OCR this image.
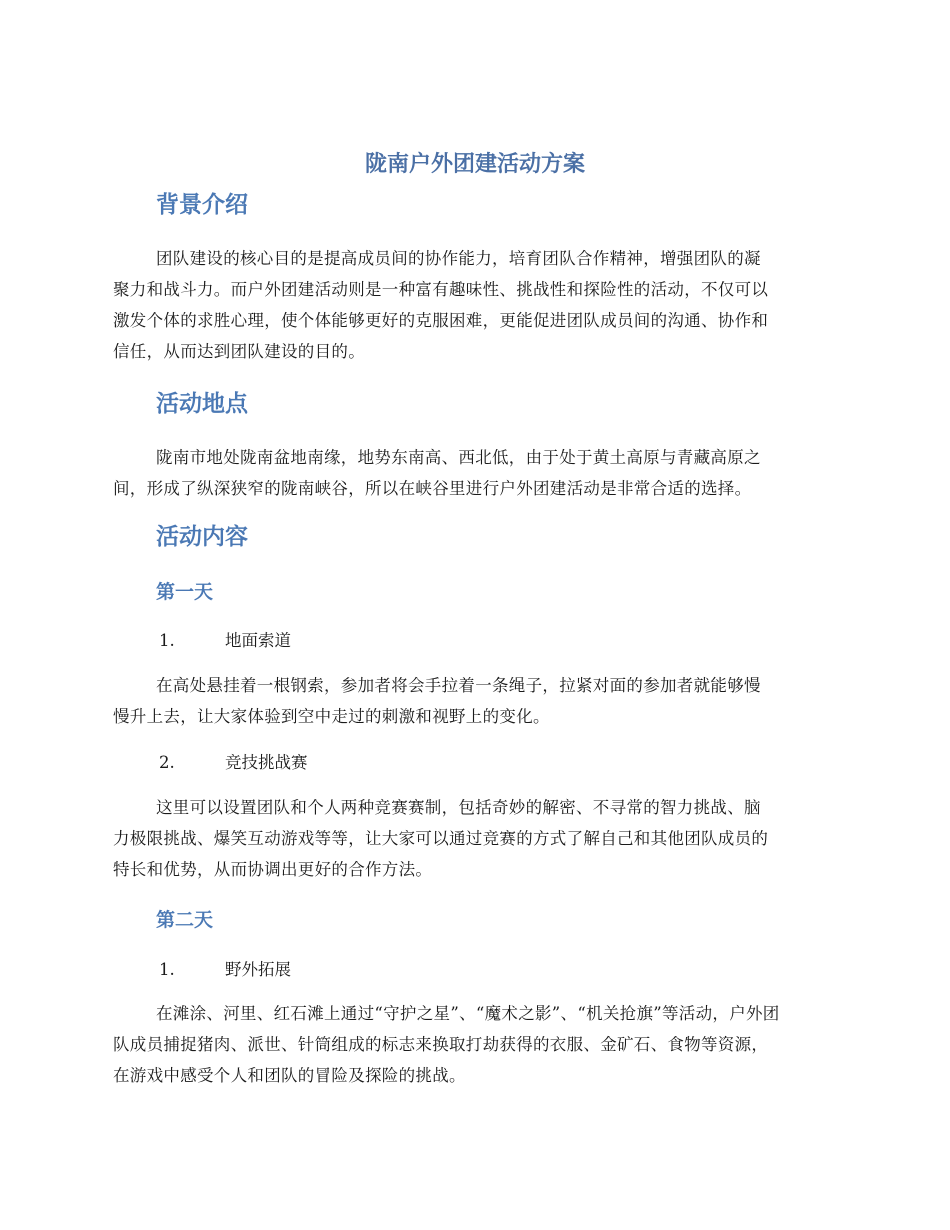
陇南户外团建活动方案
背景介绍
团队建设的核心目的是提高成员间的协作能力，培育团队合作精神，增强团队的凝
聚力和战斗力。而户外团建活动则是一种富有趣味性、挑战性和探险性的活动，不仅可以
激发个体的求胜心理，使个体能够更好的克服困难，更能促进团队成员间的沟通、协作和
信任，从而达到团队建设的目的。
活动地点
陇南市地处陇南盆地南缘，地势东南高、西北低，由于处于黄土高原与青藏高原之
间，形成了纵深狭窄的陇南峡谷，所以在峡谷里进行户外团建活动是非常合适的选择。
活动内容
第一天
1.	地面索道
在高处悬挂着一根钢索，参加者将会手拉着一条绳子，拉紧对面的参加者就能够慢
慢升上去，让大家体验到空中走过的刺激和视野上的变化。
2.	竞技挑战赛
这里可以设置团队和个人两种竞赛赛制，包括奇妙的解密、不寻常的智力挑战、脑
力极限挑战、爆笑互动游戏等等，让大家可以通过竞赛的方式了解自己和其他团队成员的
特长和优势，从而协调出更好的合作方法。
第二天
1.	野外拓展
在滩涂、河里、红石滩上通过“守护之星”、“魔术之影”、“机关抢旗”等活动，户外团
队成员捕捉猪肉、派世、针筒组成的标志来换取打劫获得的衣服、金矿石、食物等资源，
在游戏中感受个人和团队的冒险及探险的挑战。
